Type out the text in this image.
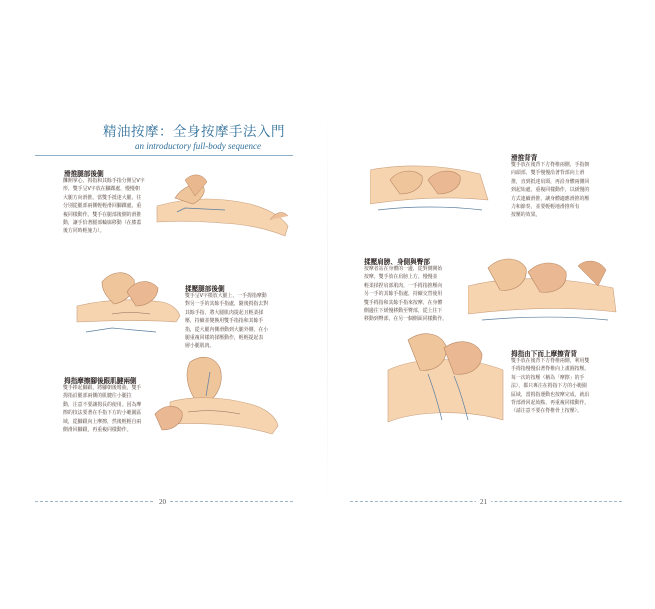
精油按摩：全身按摩手法入門
an introductory full-body sequence
滑推腿部後側
攤開掌心，拇指和其餘手指分開呈V字
形，雙手呈V字放在腳踝處，慢慢朝
大腿方向滑推。當雙手抵達大腿，往
分別從腿部兩側輕輕滑回腳踝處，重
複同樣動作。雙手在腿部後側的滑推
動，讓手恰著腿部輪廓移動（在膝蓋
後方同時輕施力）。
揉壓腿部後側
雙手呈V字模放大腿上，一手拇指摩動
對另一手的其餘手指處，隨後拇指去對
其餘手指，將大腿肌肉提起且輕柔揉
壓，持續並變換用雙手指指和其餘手
指，從大腿內側滑動到大腿外側，在小
腿重複同樣的揉壓動作，輕輕提起表
層小腿肌肉。
拇指摩擦腳後跟肌腱兩側
雙手捧起腳跟，將腳朝後彎曲，雙手
拇指沿腿部兩側的肌腱往小腿拉
動，注意不要讓拇長的使用。因為摩
擦的技法要著在手指下方的小範圍區
域，從腳跟向上摩擦，然後輕輕自兩
側滑回腳跟，再重複同樣動作。
20
滑推背背
雙手放在後背下方脊椎兩側，手指朝
向頭部，雙手慢慢沿著背部向上滑
推，直到抵達肩頸，再沿身體兩側回
到起始處，重複同樣動作，以緩慢的
方式連續滑推，讓身體適應滑推的壓
力和節奏，並要輕輕地滑推所有
按壓的效果。
揉壓肩膀、身側與臀部
按摩者站在身體的一邊，從對側開始
按摩，雙手放在肩膀上方，慢慢並
輕柔揉捏肩部肌肉，一手拇指推壓向
另一手的其餘手指處，持續交替使用
雙手拇指和其餘手指來按摩，在身體
側邊往下緩慢移動至臀部，從上往下
移動到臀部，在另一個側面同樣動作。
拇指由下而上摩擦背背
雙手放在後背下方脊椎兩側，利用雙
手拇指慢慢沿著脊椎向上畫圓按壓。
每一次的按壓（稱為「摩擦」的手
法），都只專注在拇指下方的小範圍
區域，當拇指運動也按摩完成，就沿
背部滑回起始點，再重複同樣動作。
（請注意不要在脊椎骨上按壓）。
21
